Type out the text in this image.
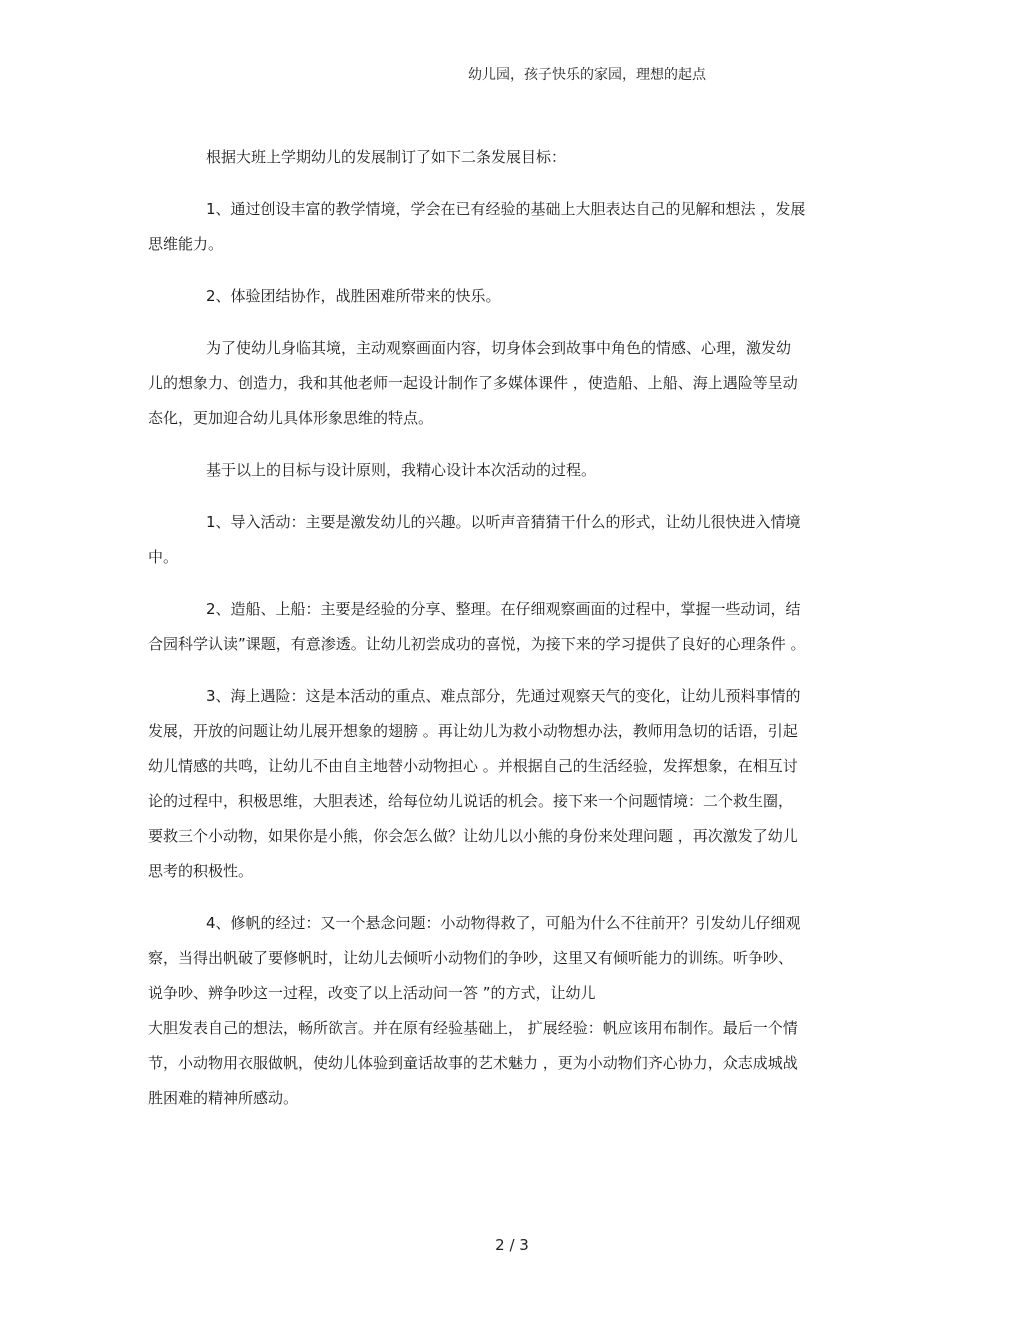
幼儿园，孩子快乐的家园，理想的起点
根据大班上学期幼儿的发展制订了如下二条发展目标：
1、通过创设丰富的教学情境，学会在已有经验的基础上大胆表达自己的见解和想法 ，发展
思维能力。
2、体验团结协作，战胜困难所带来的快乐。
为了使幼儿身临其境，主动观察画面内容，切身体会到故事中角色的情感、心理，激发幼
儿的想象力、创造力，我和其他老师一起设计制作了多媒体课件 ，使造船、上船、海上遇险等呈动
态化，更加迎合幼儿具体形象思维的特点。
基于以上的目标与设计原则，我精心设计本次活动的过程。
1、导入活动：主要是激发幼儿的兴趣。以听声音猜猜干什么的形式，让幼儿很快进入情境
中。
2、造船、上船：主要是经验的分享、整理。在仔细观察画面的过程中，掌握一些动词，结
合园科学认读”课题，有意渗透。让幼儿初尝成功的喜悦，为接下来的学习提供了良好的心理条件 。
3、海上遇险：这是本活动的重点、难点部分，先通过观察天气的变化，让幼儿预料事情的
发展，开放的问题让幼儿展开想象的翅膀 。再让幼儿为救小动物想办法，教师用急切的话语，引起
幼儿情感的共鸣，让幼儿不由自主地替小动物担心 。并根据自己的生活经验，发挥想象，在相互讨
论的过程中，积极思维，大胆表述，给每位幼儿说话的机会。接下来一个问题情境：二个救生圈，
要救三个小动物，如果你是小熊，你会怎么做？让幼儿以小熊的身份来处理问题 ，再次激发了幼儿
思考的积极性。
4、修帆的经过：又一个悬念问题：小动物得救了，可船为什么不往前开？引发幼儿仔细观
察，当得出帆破了要修帆时，让幼儿去倾听小动物们的争吵，这里又有倾听能力的训练。听争吵、
说争吵、辨争吵这一过程，改变了以上活动问一答 ”的方式，让幼儿
大胆发表自己的想法，畅所欲言。并在原有经验基础上， 扩展经验：帆应该用布制作。最后一个情
节，小动物用衣服做帆，使幼儿体验到童话故事的艺术魅力 ，更为小动物们齐心协力，众志成城战
胜困难的精神所感动。
2 / 3
